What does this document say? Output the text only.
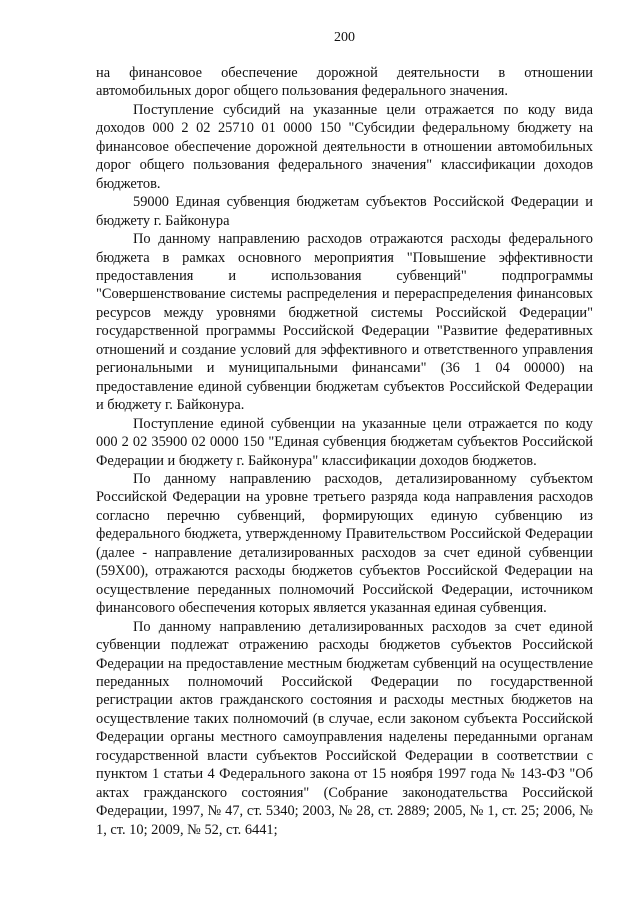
200

на финансовое обеспечение дорожной деятельности в отношении автомобильных дорог общего пользования федерального значения.

Поступление субсидий на указанные цели отражается по коду вида доходов 000 2 02 25710 01 0000 150 "Субсидии федеральному бюджету на финансовое обеспечение дорожной деятельности в отношении автомобильных дорог общего пользования федерального значения" классификации доходов бюджетов.

59000 Единая субвенция бюджетам субъектов Российской Федерации и бюджету г. Байконура

По данному направлению расходов отражаются расходы федерального бюджета в рамках основного мероприятия "Повышение эффективности предоставления и использования субвенций" подпрограммы "Совершенствование системы распределения и перераспределения финансовых ресурсов между уровнями бюджетной системы Российской Федерации" государственной программы Российской Федерации "Развитие федеративных отношений и создание условий для эффективного и ответственного управления региональными и муниципальными финансами" (36 1 04 00000) на предоставление единой субвенции бюджетам субъектов Российской Федерации и бюджету г. Байконура.

Поступление единой субвенции на указанные цели отражается по коду 000 2 02 35900 02 0000 150 "Единая субвенция бюджетам субъектов Российской Федерации и бюджету г. Байконура" классификации доходов бюджетов.

По данному направлению расходов, детализированному субъектом Российской Федерации на уровне третьего разряда кода направления расходов согласно перечню субвенций, формирующих единую субвенцию из федерального бюджета, утвержденному Правительством Российской Федерации (далее - направление детализированных расходов за счет единой субвенции (59Х00), отражаются расходы бюджетов субъектов Российской Федерации на осуществление переданных полномочий Российской Федерации, источником финансового обеспечения которых является указанная единая субвенция.

По данному направлению детализированных расходов за счет единой субвенции подлежат отражению расходы бюджетов субъектов Российской Федерации на предоставление местным бюджетам субвенций на осуществление переданных полномочий Российской Федерации по государственной регистрации актов гражданского состояния и расходы местных бюджетов на осуществление таких полномочий (в случае, если законом субъекта Российской Федерации органы местного самоуправления наделены переданными органам государственной власти субъектов Российской Федерации в соответствии с пунктом 1 статьи 4 Федерального закона от 15 ноября 1997 года № 143-ФЗ "Об актах гражданского состояния" (Собрание законодательства Российской Федерации, 1997, № 47, ст. 5340; 2003, № 28, ст. 2889; 2005, № 1, ст. 25; 2006, № 1, ст. 10; 2009, № 52, ст. 6441;
